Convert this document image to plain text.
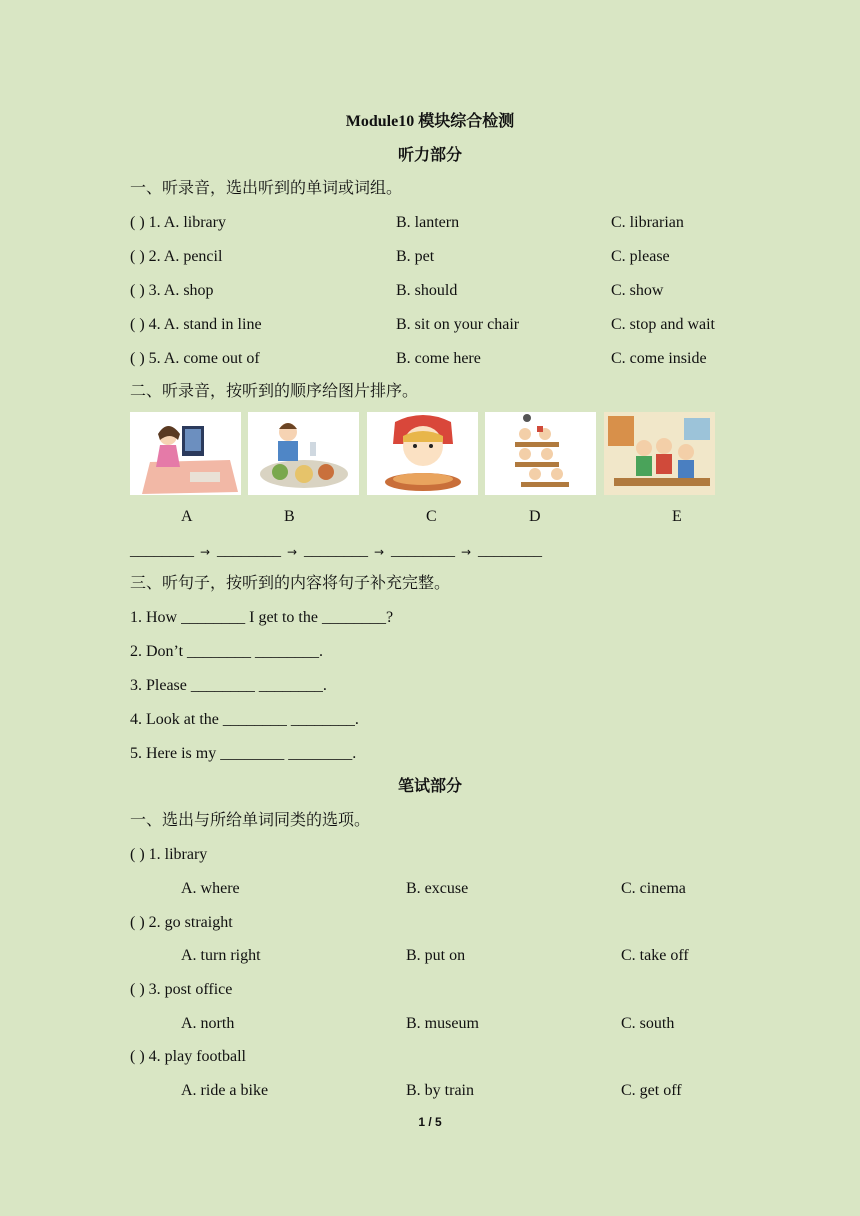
Module10 模块综合检测
听力部分
一、听录音，选出听到的单词或词组。
( ) 1. A. library	B. lantern	C. librarian
( ) 2. A. pencil	B. pet	C. please
( ) 3. A. shop	B. should	C. show
( ) 4. A. stand in line	B. sit on your chair	C. stop and wait
( ) 5. A. come out of	B. come here	C. come inside
二、听录音，按听到的顺序给图片排序。
A	B	C	D	E
________ → ________ → ________ → ________ → ________
三、听句子，按听到的内容将句子补充完整。
1. How ________ I get to the ________?
2. Don’t ________ ________.
3. Please ________ ________.
4. Look at the ________ ________.
5. Here is my ________ ________.
笔试部分
一、选出与所给单词同类的选项。
( ) 1. library
A. where	B. excuse	C. cinema
( ) 2. go straight
A. turn right	B. put on	C. take off
( ) 3. post office
A. north	B. museum	C. south
( ) 4. play football
A. ride a bike	B. by train	C. get off
1 / 5
